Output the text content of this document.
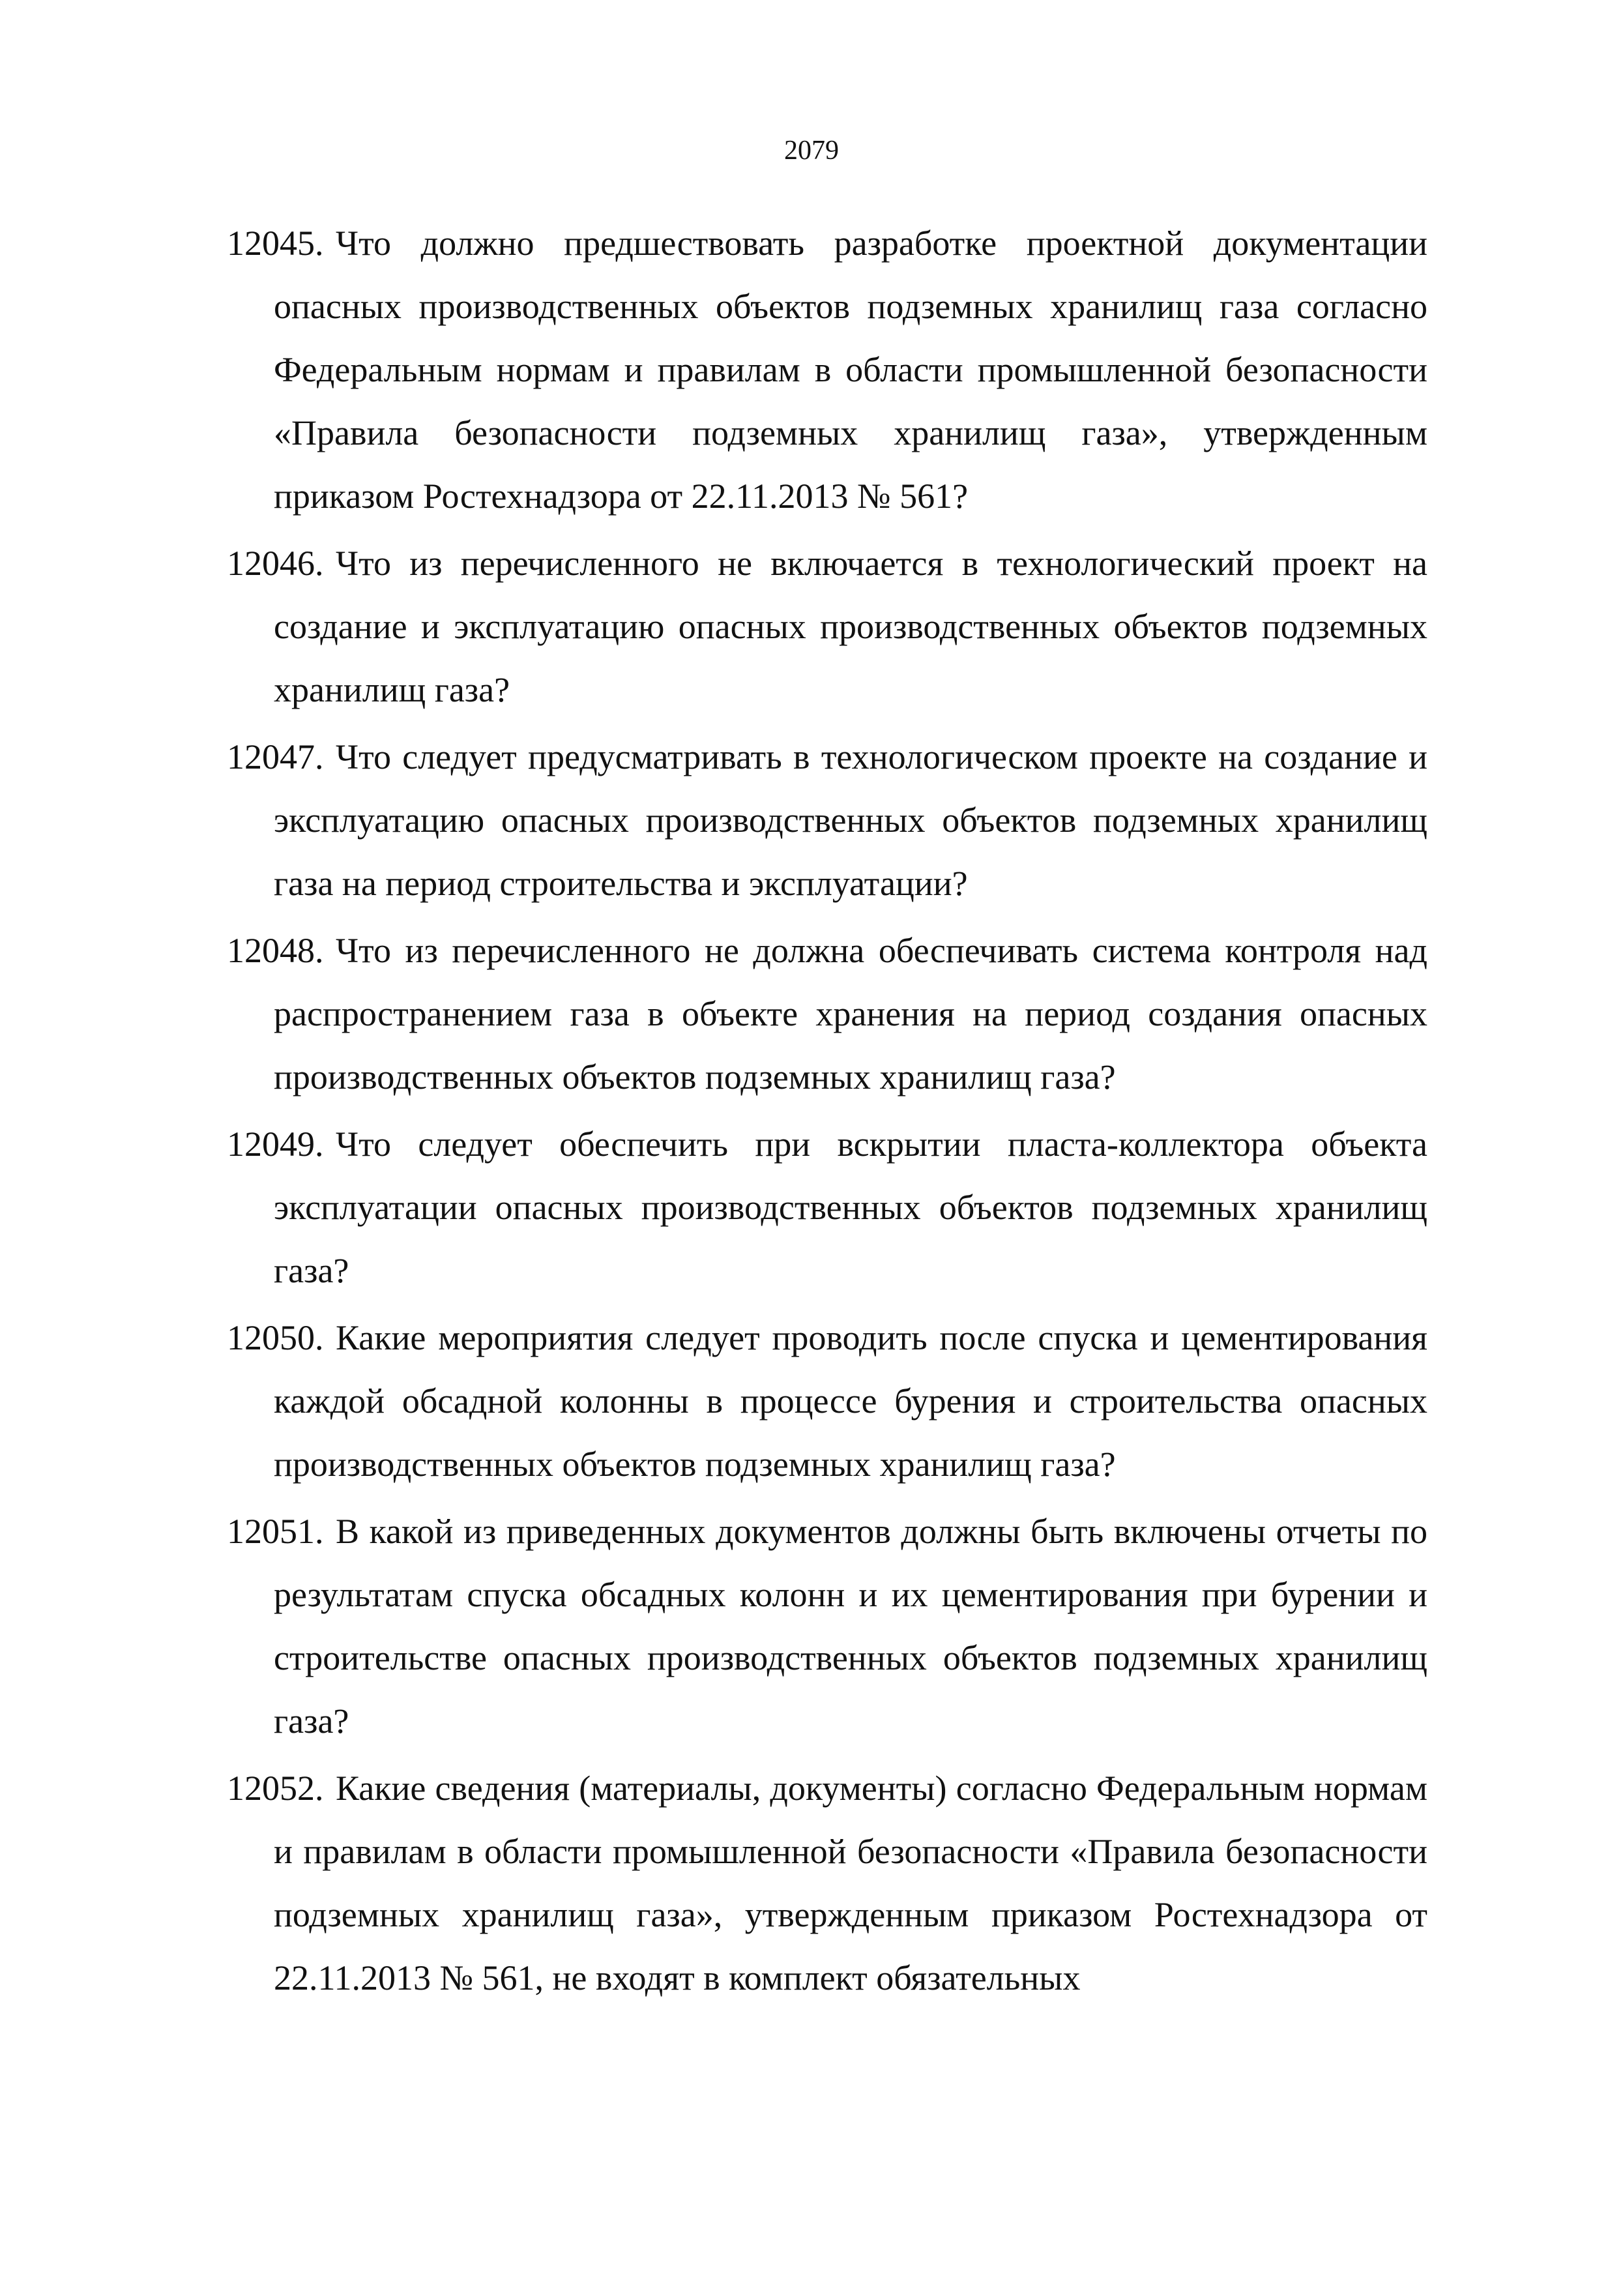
2079
12045. Что должно предшествовать разработке проектной документации опасных производственных объектов подземных хранилищ газа согласно Федеральным нормам и правилам в области промышленной безопасности «Правила безопасности подземных хранилищ газа», утвержденным приказом Ростехнадзора от 22.11.2013 № 561?
12046. Что из перечисленного не включается в технологический проект на создание и эксплуатацию опасных производственных объектов подземных хранилищ газа?
12047. Что следует предусматривать в технологическом проекте на создание и эксплуатацию опасных производственных объектов подземных хранилищ газа на период строительства и эксплуатации?
12048. Что из перечисленного не должна обеспечивать система контроля над распространением газа в объекте хранения на период создания опасных производственных объектов подземных хранилищ газа?
12049. Что следует обеспечить при вскрытии пласта-коллектора объекта эксплуатации опасных производственных объектов подземных хранилищ газа?
12050. Какие мероприятия следует проводить после спуска и цементирования каждой обсадной колонны в процессе бурения и строительства опасных производственных объектов подземных хранилищ газа?
12051. В какой из приведенных документов должны быть включены отчеты по результатам спуска обсадных колонн и их цементирования при бурении и строительстве опасных производственных объектов подземных хранилищ газа?
12052. Какие сведения (материалы, документы) согласно Федеральным нормам и правилам в области промышленной безопасности «Правила безопасности подземных хранилищ газа», утвержденным приказом Ростехнадзора от 22.11.2013 № 561, не входят в комплект обязательных
